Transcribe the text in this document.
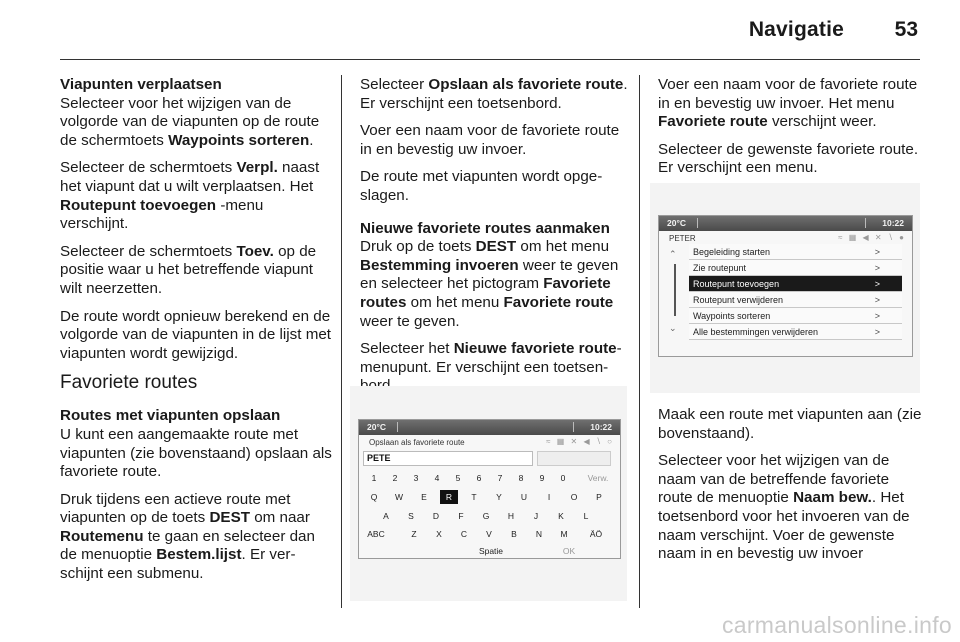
Navigatie 53

Viapunten verplaatsen
Selecteer voor het wijzigen van de volgorde van de viapunten op de route de schermtoets Waypoints sorteren.

Selecteer de schermtoets Verpl. naast het viapunt dat u wilt verplaatsen. Het Routepunt toevoegen -menu verschijnt.

Selecteer de schermtoets Toev. op de positie waar u het betreffende viapunt wilt neerzetten.

De route wordt opnieuw berekend en de volgorde van de viapunten in de lijst met viapunten wordt gewijzigd.

Favoriete routes

Routes met viapunten opslaan
U kunt een aangemaakte route met viapunten (zie bovenstaand) opslaan als favoriete route.

Druk tijdens een actieve route met viapunten op de toets DEST om naar Routemenu te gaan en selecteer dan de menuoptie Bestem.lijst. Er verschijnt een submenu.

Selecteer Opslaan als favoriete route. Er verschijnt een toetsenbord.

Voer een naam voor de favoriete route in en bevestig uw invoer.

De route met viapunten wordt opgeslagen.

Nieuwe favoriete routes aanmaken
Druk op de toets DEST om het menu Bestemming invoeren weer te geven en selecteer het pictogram Favoriete routes om het menu Favoriete route weer te geven.

Selecteer het Nieuwe favoriete route-menupunt. Er verschijnt een toetsen

20°C	10:22
Opslaan als favoriete route	≈ ▦ ✕ ◀ ∖ ○
PETE
1	2	3	4	5	6	7	8	9	0	Verw.
Q	W	E	R	T	Y	U	I	O	P
A	S	D	F	G	H	J	K	L
ABC	Z	X	C	V	B	N	M	ÄÖ
Spatie	OK

Voer een naam voor de favoriete route in en bevestig uw invoer. Het menu Favoriete route verschijnt weer.

Selecteer de gewenste favoriete route. Er verschijnt een menu.

20°C	10:22
PETER	≈ ▦ ◀ ✕ ∖ ●
⌃
⌄
Begeleiding starten	>
Zie routepunt	>
Routepunt toevoegen	>
Routepunt verwijderen	>
Waypoints sorteren	>
Alle bestemmingen verwijderen	>

Maak een route met viapunten aan (zie bovenstaand).

Selecteer voor het wijzigen van de naam van de betreffende favoriete route de menuoptie Naam bew.. Het toetsenbord voor het invoeren van de naam verschijnt. Voer de gewenste naam in en bevestig uw invoer

carmanualsonline.info
